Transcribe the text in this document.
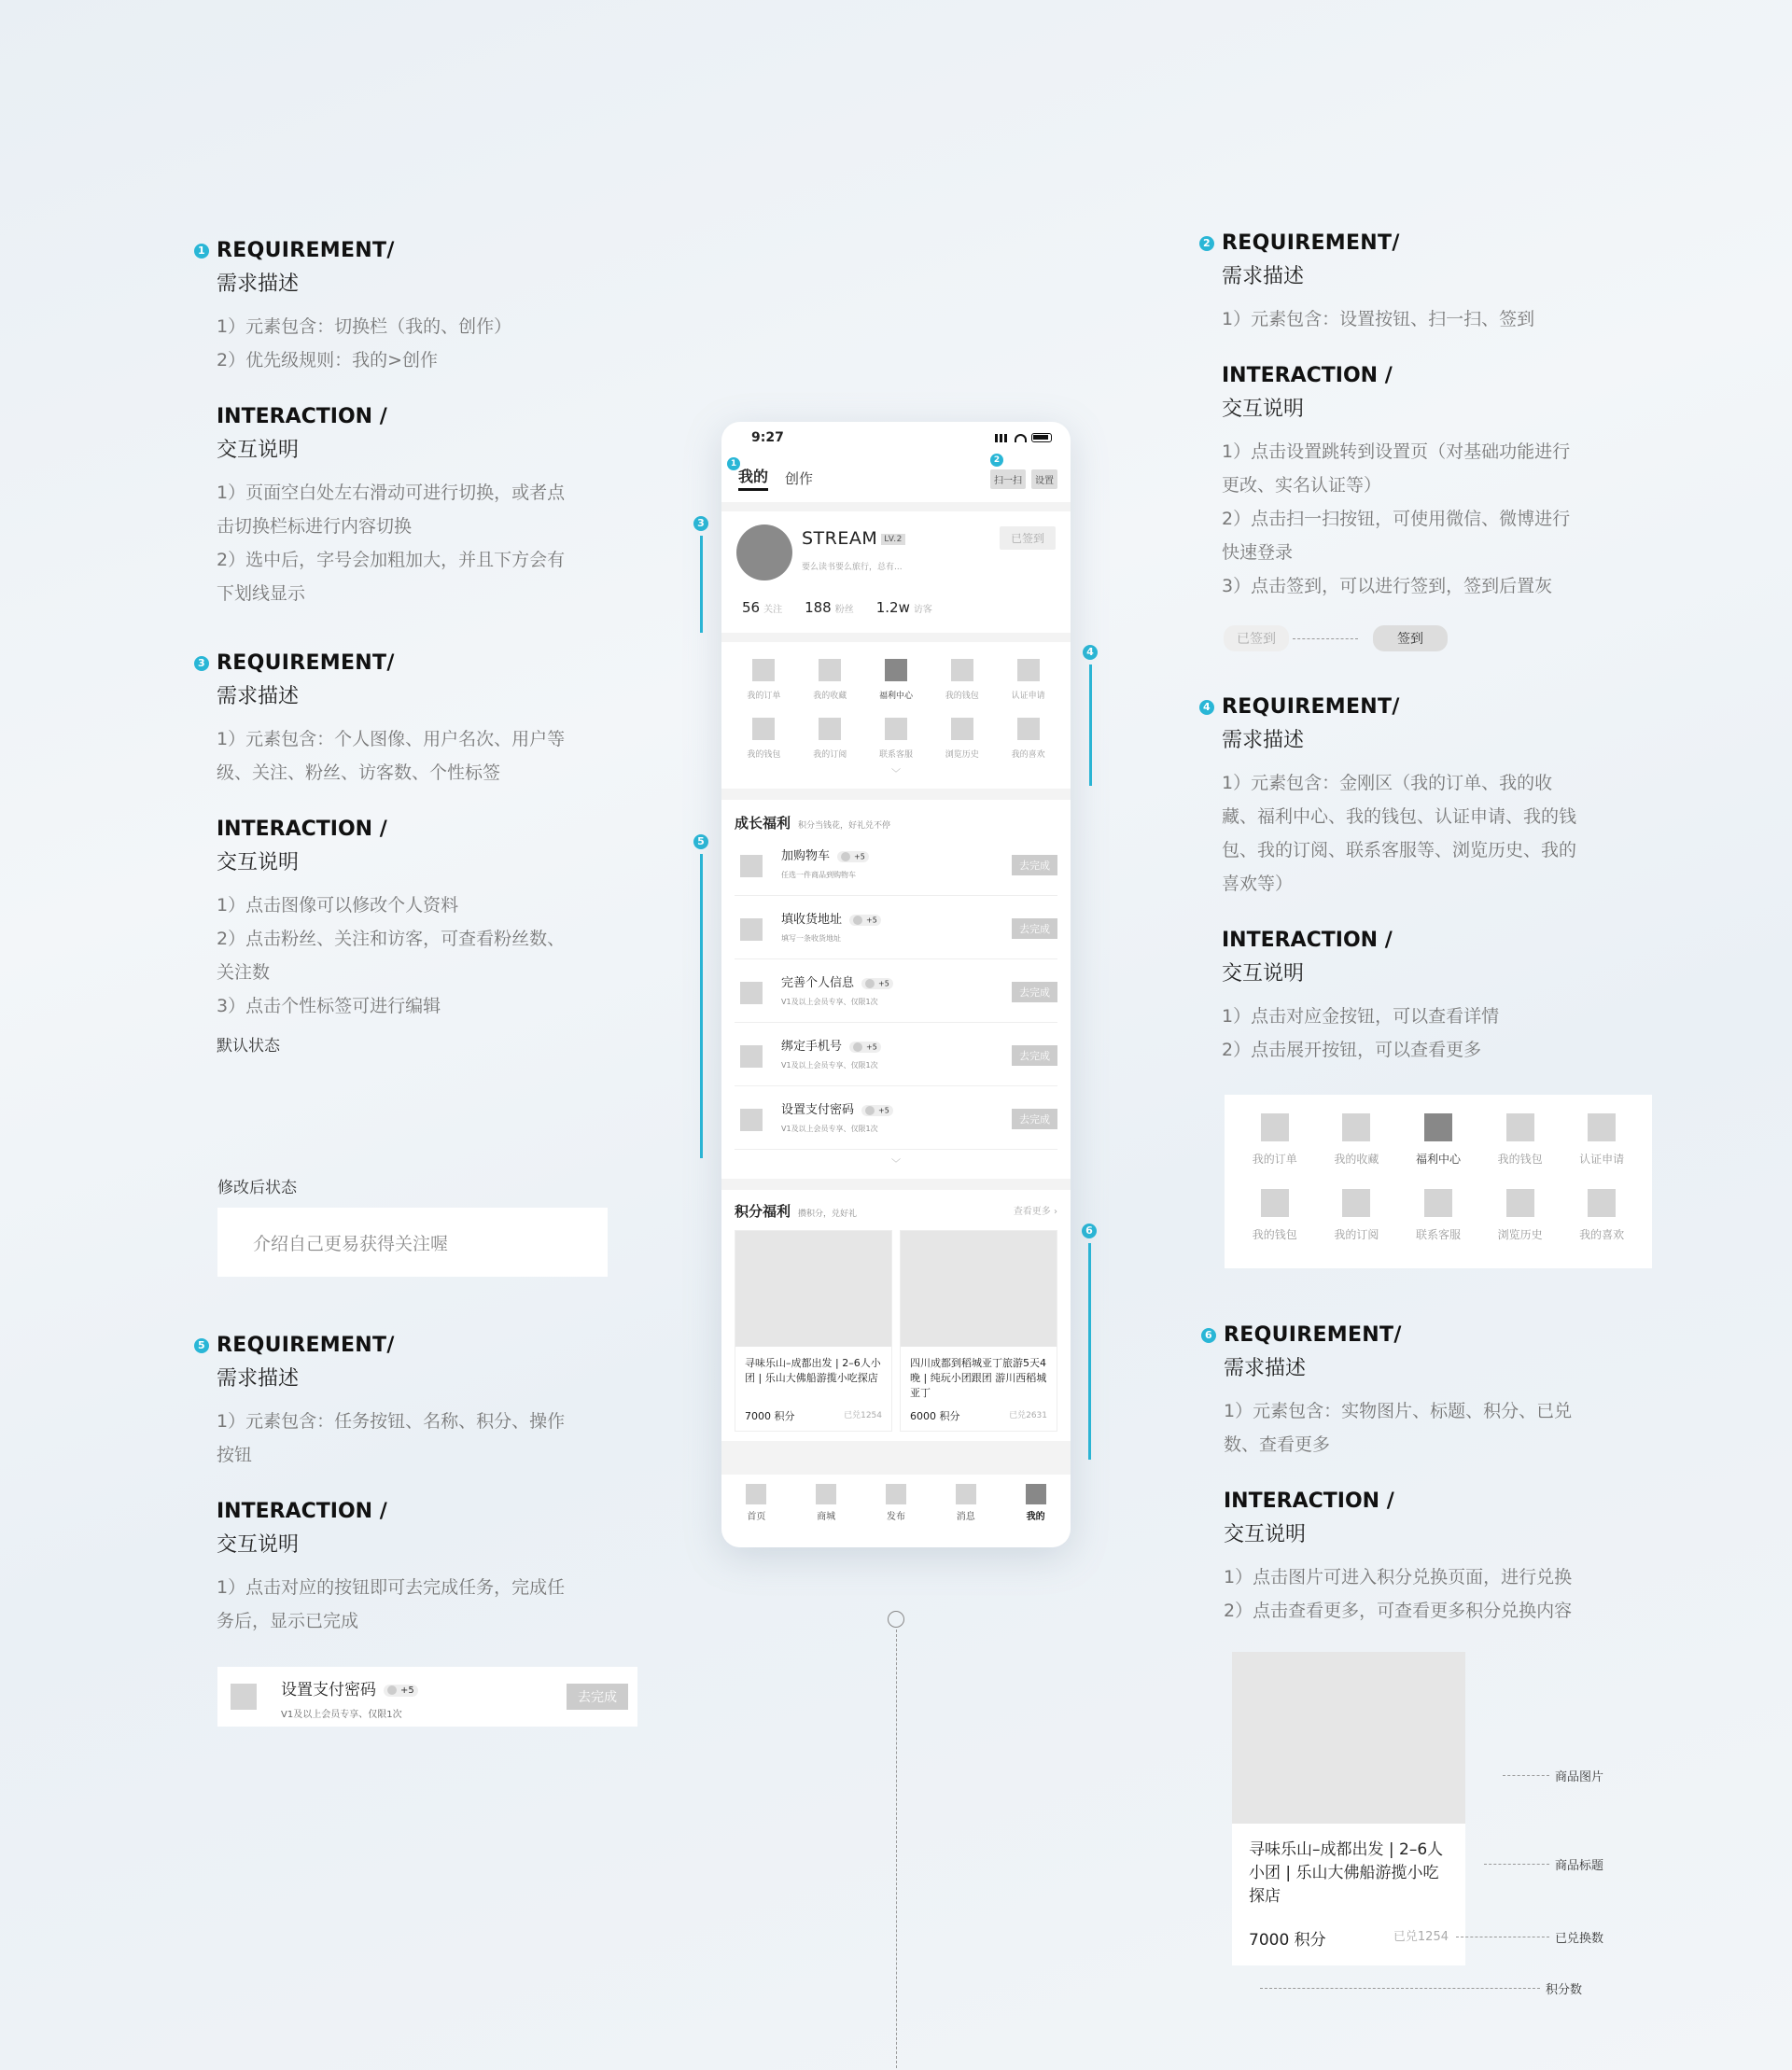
1 REQUIREMENT/
需求描述
1）元素包含：切换栏（我的、创作）
2）优先级规则：我的>创作
INTERACTION /
交互说明
1）页面空白处左右滑动可进行切换，或者点
击切换栏标进行内容切换
2）选中后，字号会加粗加大，并且下方会有
下划线显示
3 REQUIREMENT/
需求描述
1）元素包含：个人图像、用户名次、用户等
级、关注、粉丝、访客数、个性标签
INTERACTION /
交互说明
1）点击图像可以修改个人资料
2）点击粉丝、关注和访客，可查看粉丝数、
关注数
3）点击个性标签可进行编辑
默认状态
修改后状态
介绍自己更易获得关注喔
5 REQUIREMENT/
需求描述
1）元素包含：任务按钮、名称、积分、操作
按钮
INTERACTION /
交互说明
1）点击对应的按钮即可去完成任务，完成任
务后，显示已完成
设置支付密码	+5
V1及以上会员专享、仅限1次
去完成
2 REQUIREMENT/
需求描述
1）元素包含：设置按钮、扫一扫、签到
INTERACTION /
交互说明
1）点击设置跳转到设置页（对基础功能进行
更改、实名认证等）
2）点击扫一扫按钮，可使用微信、微博进行
快速登录
3）点击签到，可以进行签到，签到后置灰
已签到	签到
4 REQUIREMENT/
需求描述
1）元素包含：金刚区（我的订单、我的收
藏、福利中心、我的钱包、认证申请、我的钱
包、我的订阅、联系客服等、浏览历史、我的
喜欢等）
INTERACTION /
交互说明
1）点击对应金按钮，可以查看详情
2）点击展开按钮，可以查看更多
我的订单	我的收藏	福利中心	我的钱包	认证申请
我的钱包	我的订阅	联系客服	浏览历史	我的喜欢
6 REQUIREMENT/
需求描述
1）元素包含：实物图片、标题、积分、已兑
数、查看更多
INTERACTION /
交互说明
1）点击图片可进入积分兑换页面，进行兑换
2）点击查看更多，可查看更多积分兑换内容
寻味乐山–成都出发 | 2–6人小团 | 乐山大佛船游揽小吃探店
7000 积分	已兑1254
商品图片
商品标题
已兑换数
积分数
3
4
5
6
9:27
1
我的 创作
2
扫一扫	设置
STREAM LV.2
要么读书要么旅行，总有...
已签到
56 关注 188 粉丝 1.2w 访客
我的订单	我的收藏	福利中心	我的钱包	认证申请
我的钱包	我的订阅	联系客服	浏览历史	我的喜欢
﹀
成长福利 积分当钱花，好礼兑不停
加购物车	+5
任选一件商品到购物车
去完成
填收货地址	+5
填写一条收货地址
去完成
完善个人信息	+5
V1及以上会员专享、仅限1次
去完成
绑定手机号	+5
V1及以上会员专享、仅限1次
去完成
设置支付密码	+5
V1及以上会员专享、仅限1次
去完成
﹀
积分福利 攒积分，兑好礼	查看更多 ›
寻味乐山–成都出发 | 2–6人小团 | 乐山大佛船游揽小吃探店
7000 积分	已兑1254
四川成都到稻城亚丁旅游5天4晚 | 纯玩小团跟团 游川西稻城亚丁
6000 积分	已兑2631
首页	商城	发布	消息	我的
